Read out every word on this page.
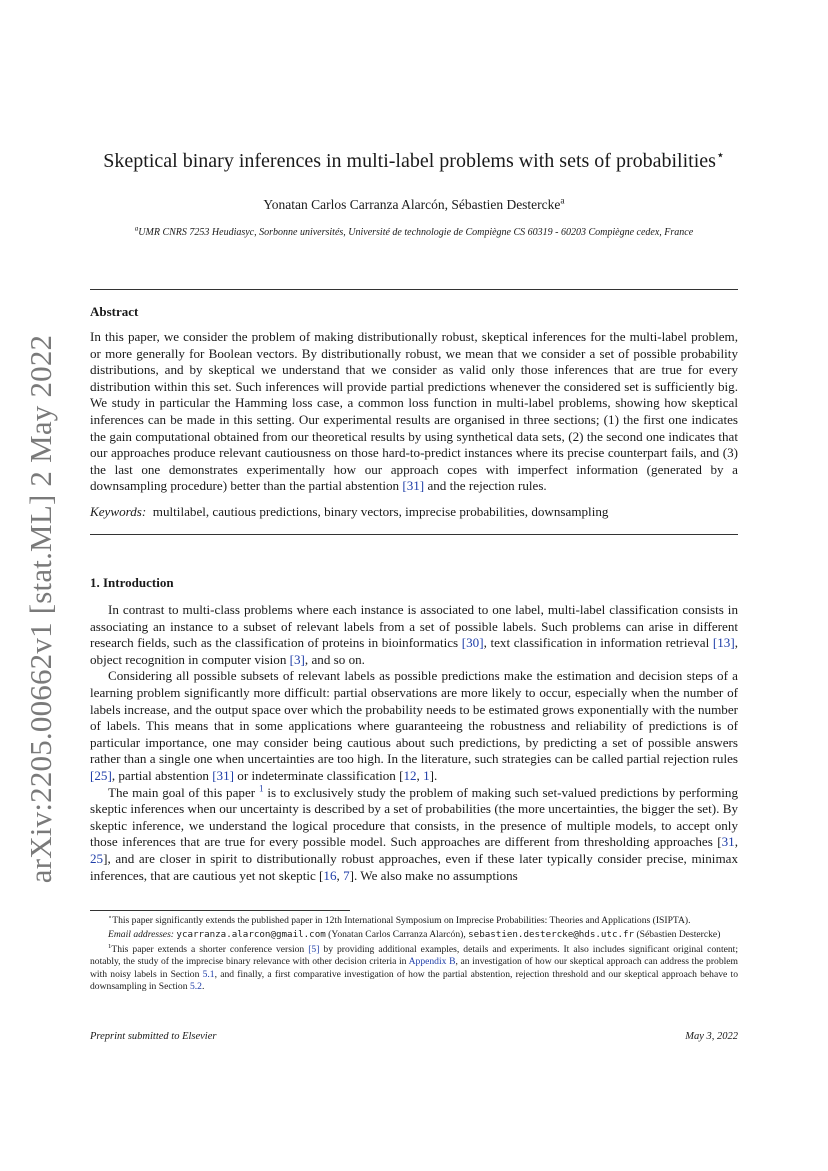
arXiv:2205.00662v1 [stat.ML] 2 May 2022
Skeptical binary inferences in multi-label problems with sets of probabilities⋆
Yonatan Carlos Carranza Alarcón, Sébastien Destercke$^a$
$^a$UMR CNRS 7253 Heudiasyc, Sorbonne universités, Université de technologie de Compiègne CS 60319 - 60203 Compiègne cedex, France
Abstract

In this paper, we consider the problem of making distributionally robust, skeptical inferences for the multi-label problem, or more generally for Boolean vectors. By distributionally robust, we mean that we consider a set of possible probability distributions, and by skeptical we understand that we consider as valid only those inferences that are true for every distribution within this set. Such inferences will provide partial predictions whenever the considered set is sufficiently big. We study in particular the Hamming loss case, a common loss function in multi-label problems, showing how skeptical inferences can be made in this setting. Our experimental results are organised in three sections; (1) the first one indicates the gain computational obtained from our theoretical results by using synthetical data sets, (2) the second one indicates that our approaches produce relevant cautiousness on those hard-to-predict instances where its precise counterpart fails, and (3) the last one demonstrates experimentally how our approach copes with imperfect information (generated by a downsampling procedure) better than the partial abstention [31] and the rejection rules.

Keywords: multilabel, cautious predictions, binary vectors, imprecise probabilities, downsampling

1. Introduction

In contrast to multi-class problems where each instance is associated to one label, multi-label classification consists in associating an instance to a subset of relevant labels from a set of possible labels. Such problems can arise in different research fields, such as the classification of proteins in bioinformatics [30], text classification in information retrieval [13], object recognition in computer vision [3], and so on.

Considering all possible subsets of relevant labels as possible predictions make the estimation and decision steps of a learning problem significantly more difficult: partial observations are more likely to occur, especially when the number of labels increase, and the output space over which the probability needs to be estimated grows exponentially with the number of labels. This means that in some applications where guaranteeing the robustness and reliability of predictions is of particular importance, one may consider being cautious about such predictions, by predicting a set of possible answers rather than a single one when uncertainties are too high. In the literature, such strategies can be called partial rejection rules [25], partial abstention [31] or indeterminate classification [12, 1].

The main goal of this paper $^1$ is to exclusively study the problem of making such set-valued predictions by performing skeptic inferences when our uncertainty is described by a set of probabilities (the more uncertainties, the bigger the set). By skeptic inference, we understand the logical procedure that consists, in the presence of multiple models, to accept only those inferences that are true for every possible model. Such approaches are different from thresholding approaches [31, 25], and are closer in spirit to distributionally robust approaches, even if these later typically consider precise, minimax inferences, that are cautious yet not skeptic [16, 7]. We also make no assumptions

⋆This paper significantly extends the published paper in 12th International Symposium on Imprecise Probabilities: Theories and Applications (ISIPTA).

Email addresses: ycarranza.alarcon@gmail.com (Yonatan Carlos Carranza Alarcón), sebastien.destercke@hds.utc.fr (Sébastien Destercke)

$^1$This paper extends a shorter conference version [5] by providing additional examples, details and experiments. It also includes significant original content; notably, the study of the imprecise binary relevance with other decision criteria in Appendix B, an investigation of how our skeptical approach can address the problem with noisy labels in Section 5.1, and finally, a first comparative investigation of how the partial abstention, rejection threshold and our skeptical approach behave to downsampling in Section 5.2.

Preprint submitted to Elsevier	May 3, 2022
